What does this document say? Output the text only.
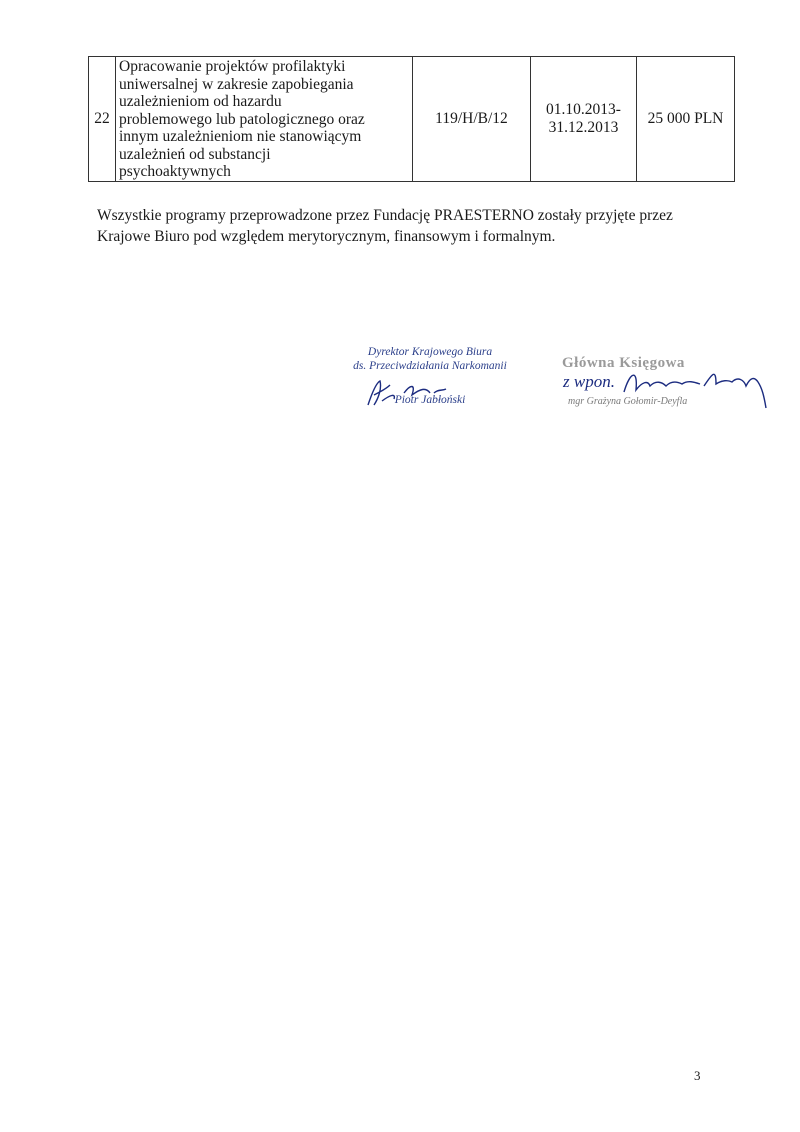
22	Opracowanie projektów profilaktyki
uniwersalnej w zakresie zapobiegania
uzależnieniom od hazardu
problemowego lub patologicznego oraz
innym uzależnieniom nie stanowiącym
uzależnień od substancji
psychoaktywnych	119/H/B/12	01.10.2013-
31.12.2013	25 000 PLN
Wszystkie programy przeprowadzone przez Fundację PRAESTERNO zostały przyjęte przez
Krajowe Biuro pod względem merytorycznym, finansowym i formalnym.
Dyrektor Krajowego Biura
ds. Przeciwdziałania Narkomanii
Piotr Jabłoński
Główna Księgowa
mgr Grażyna Gołomir-Deyfla
z wpon.
3
